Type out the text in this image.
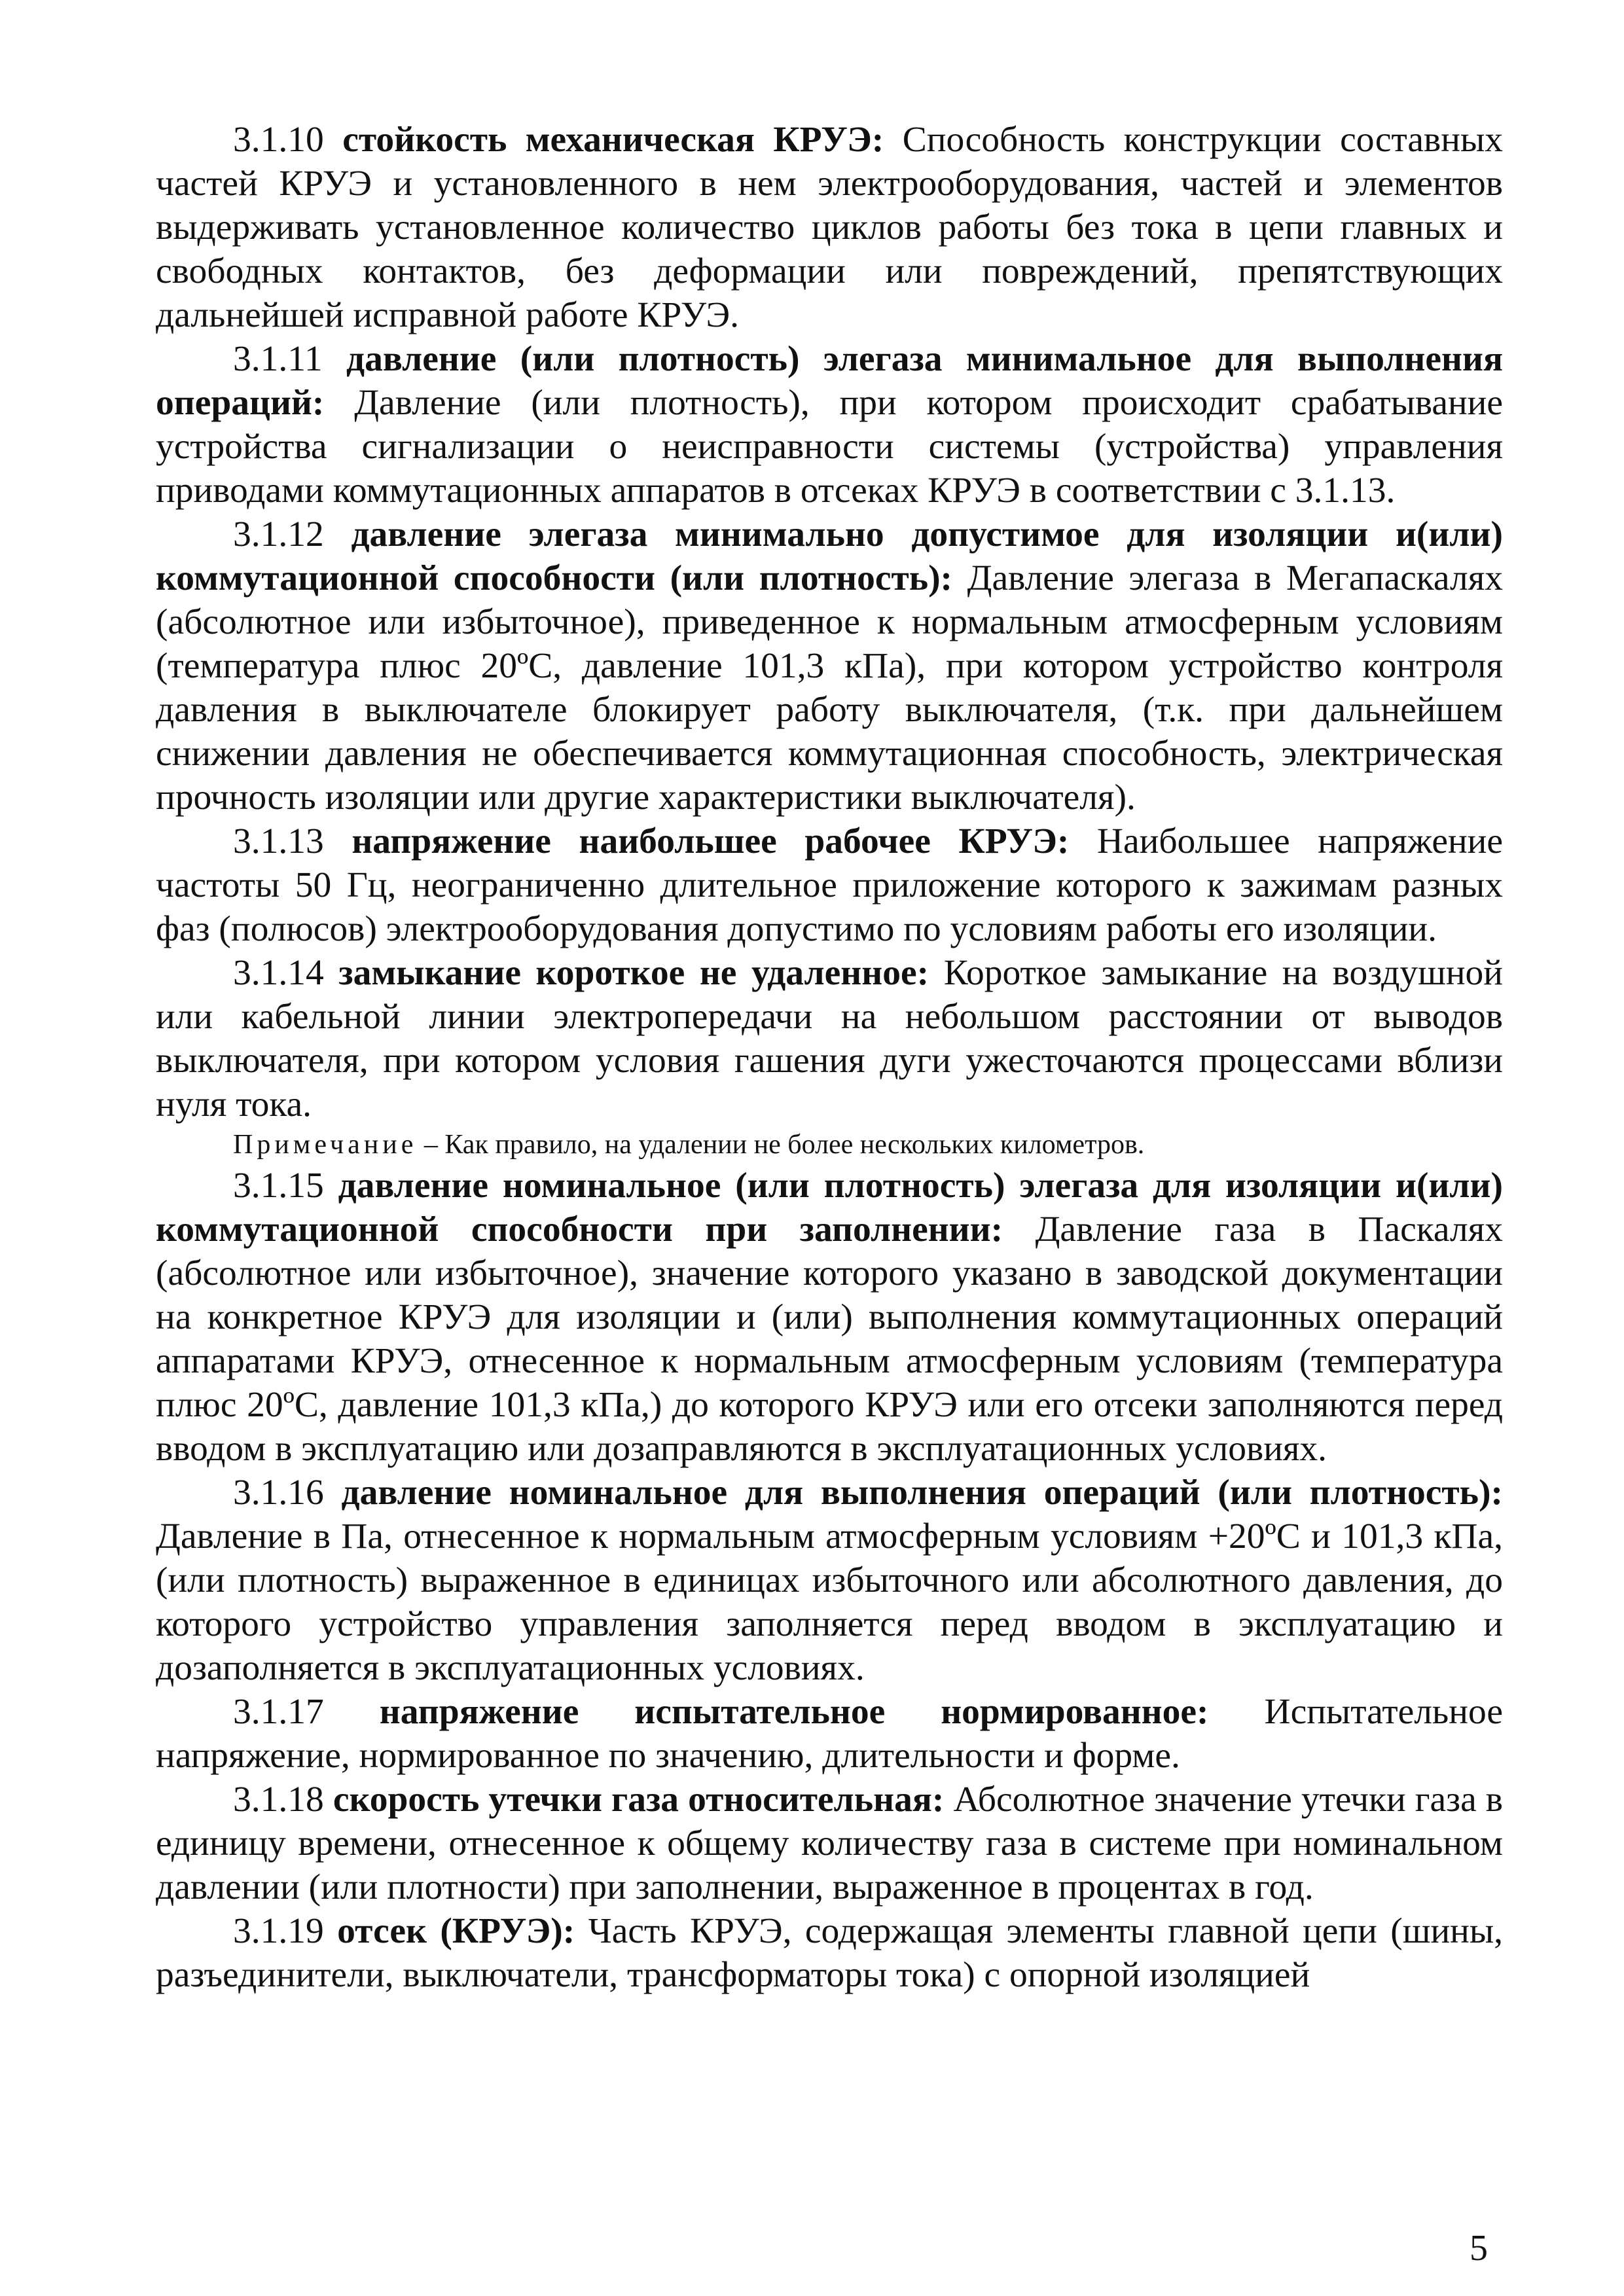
3.1.10 стойкость механическая КРУЭ: Способность конструкции составных частей КРУЭ и установленного в нем электрооборудования, частей и элементов выдерживать установленное количество циклов работы без тока в цепи главных и свободных контактов, без деформации или повреждений, препятствующих дальнейшей исправной работе КРУЭ.

3.1.11 давление (или плотность) элегаза минимальное для выполнения операций: Давление (или плотность), при котором происходит срабатывание устройства сигнализации о неисправности системы (устройства) управления приводами коммутационных аппаратов в отсеках КРУЭ в соответствии с 3.1.13.

3.1.12 давление элегаза минимально допустимое для изоляции и(или) коммутационной способности (или плотность): Давление элегаза в Мегапаскалях (абсолютное или избыточное), приведенное к нормальным атмосферным условиям (температура плюс 20ºС, давление 101,3 кПа), при котором устройство контроля давления в выключателе блокирует работу выключателя, (т.к. при дальнейшем снижении давления не обеспечивается коммутационная способность, электрическая прочность изоляции или другие характеристики выключателя).

3.1.13 напряжение наибольшее рабочее КРУЭ: Наибольшее напряжение частоты 50 Гц, неограниченно длительное приложение которого к зажимам разных фаз (полюсов) электрооборудования допустимо по условиям работы его изоляции.

3.1.14 замыкание короткое не удаленное: Короткое замыкание на воздушной или кабельной линии электропередачи на небольшом расстоянии от выводов выключателя, при котором условия гашения дуги ужесточаются процессами вблизи нуля тока.

Примечание – Как правило, на удалении не более нескольких километров.

3.1.15 давление номинальное (или плотность) элегаза для изоляции и(или) коммутационной способности при заполнении: Давление газа в Паскалях (абсолютное или избыточное), значение которого указано в заводской документации на конкретное КРУЭ для изоляции и (или) выполнения коммутационных операций аппаратами КРУЭ, отнесенное к нормальным атмосферным условиям (температура плюс 20ºС, давление 101,3 кПа,) до которого КРУЭ или его отсеки заполняются перед вводом в эксплуатацию или дозаправляются в эксплуатационных условиях.

3.1.16 давление номинальное для выполнения операций (или плотность): Давление в Па, отнесенное к нормальным атмосферным условиям +20ºС и 101,3 кПа, (или плотность) выраженное в единицах избыточного или абсолютного давления, до которого устройство управления заполняется перед вводом в эксплуатацию и дозаполняется в эксплуатационных условиях.

3.1.17 напряжение испытательное нормированное: Испытательное напряжение, нормированное по значению, длительности и форме.

3.1.18 скорость утечки газа относительная: Абсолютное значение утечки газа в единицу времени, отнесенное к общему количеству газа в системе при номинальном давлении (или плотности) при заполнении, выраженное в процентах в год.

3.1.19 отсек (КРУЭ): Часть КРУЭ, содержащая элементы главной цепи (шины, разъединители, выключатели, трансформаторы тока) с опорной изоляцией

5
